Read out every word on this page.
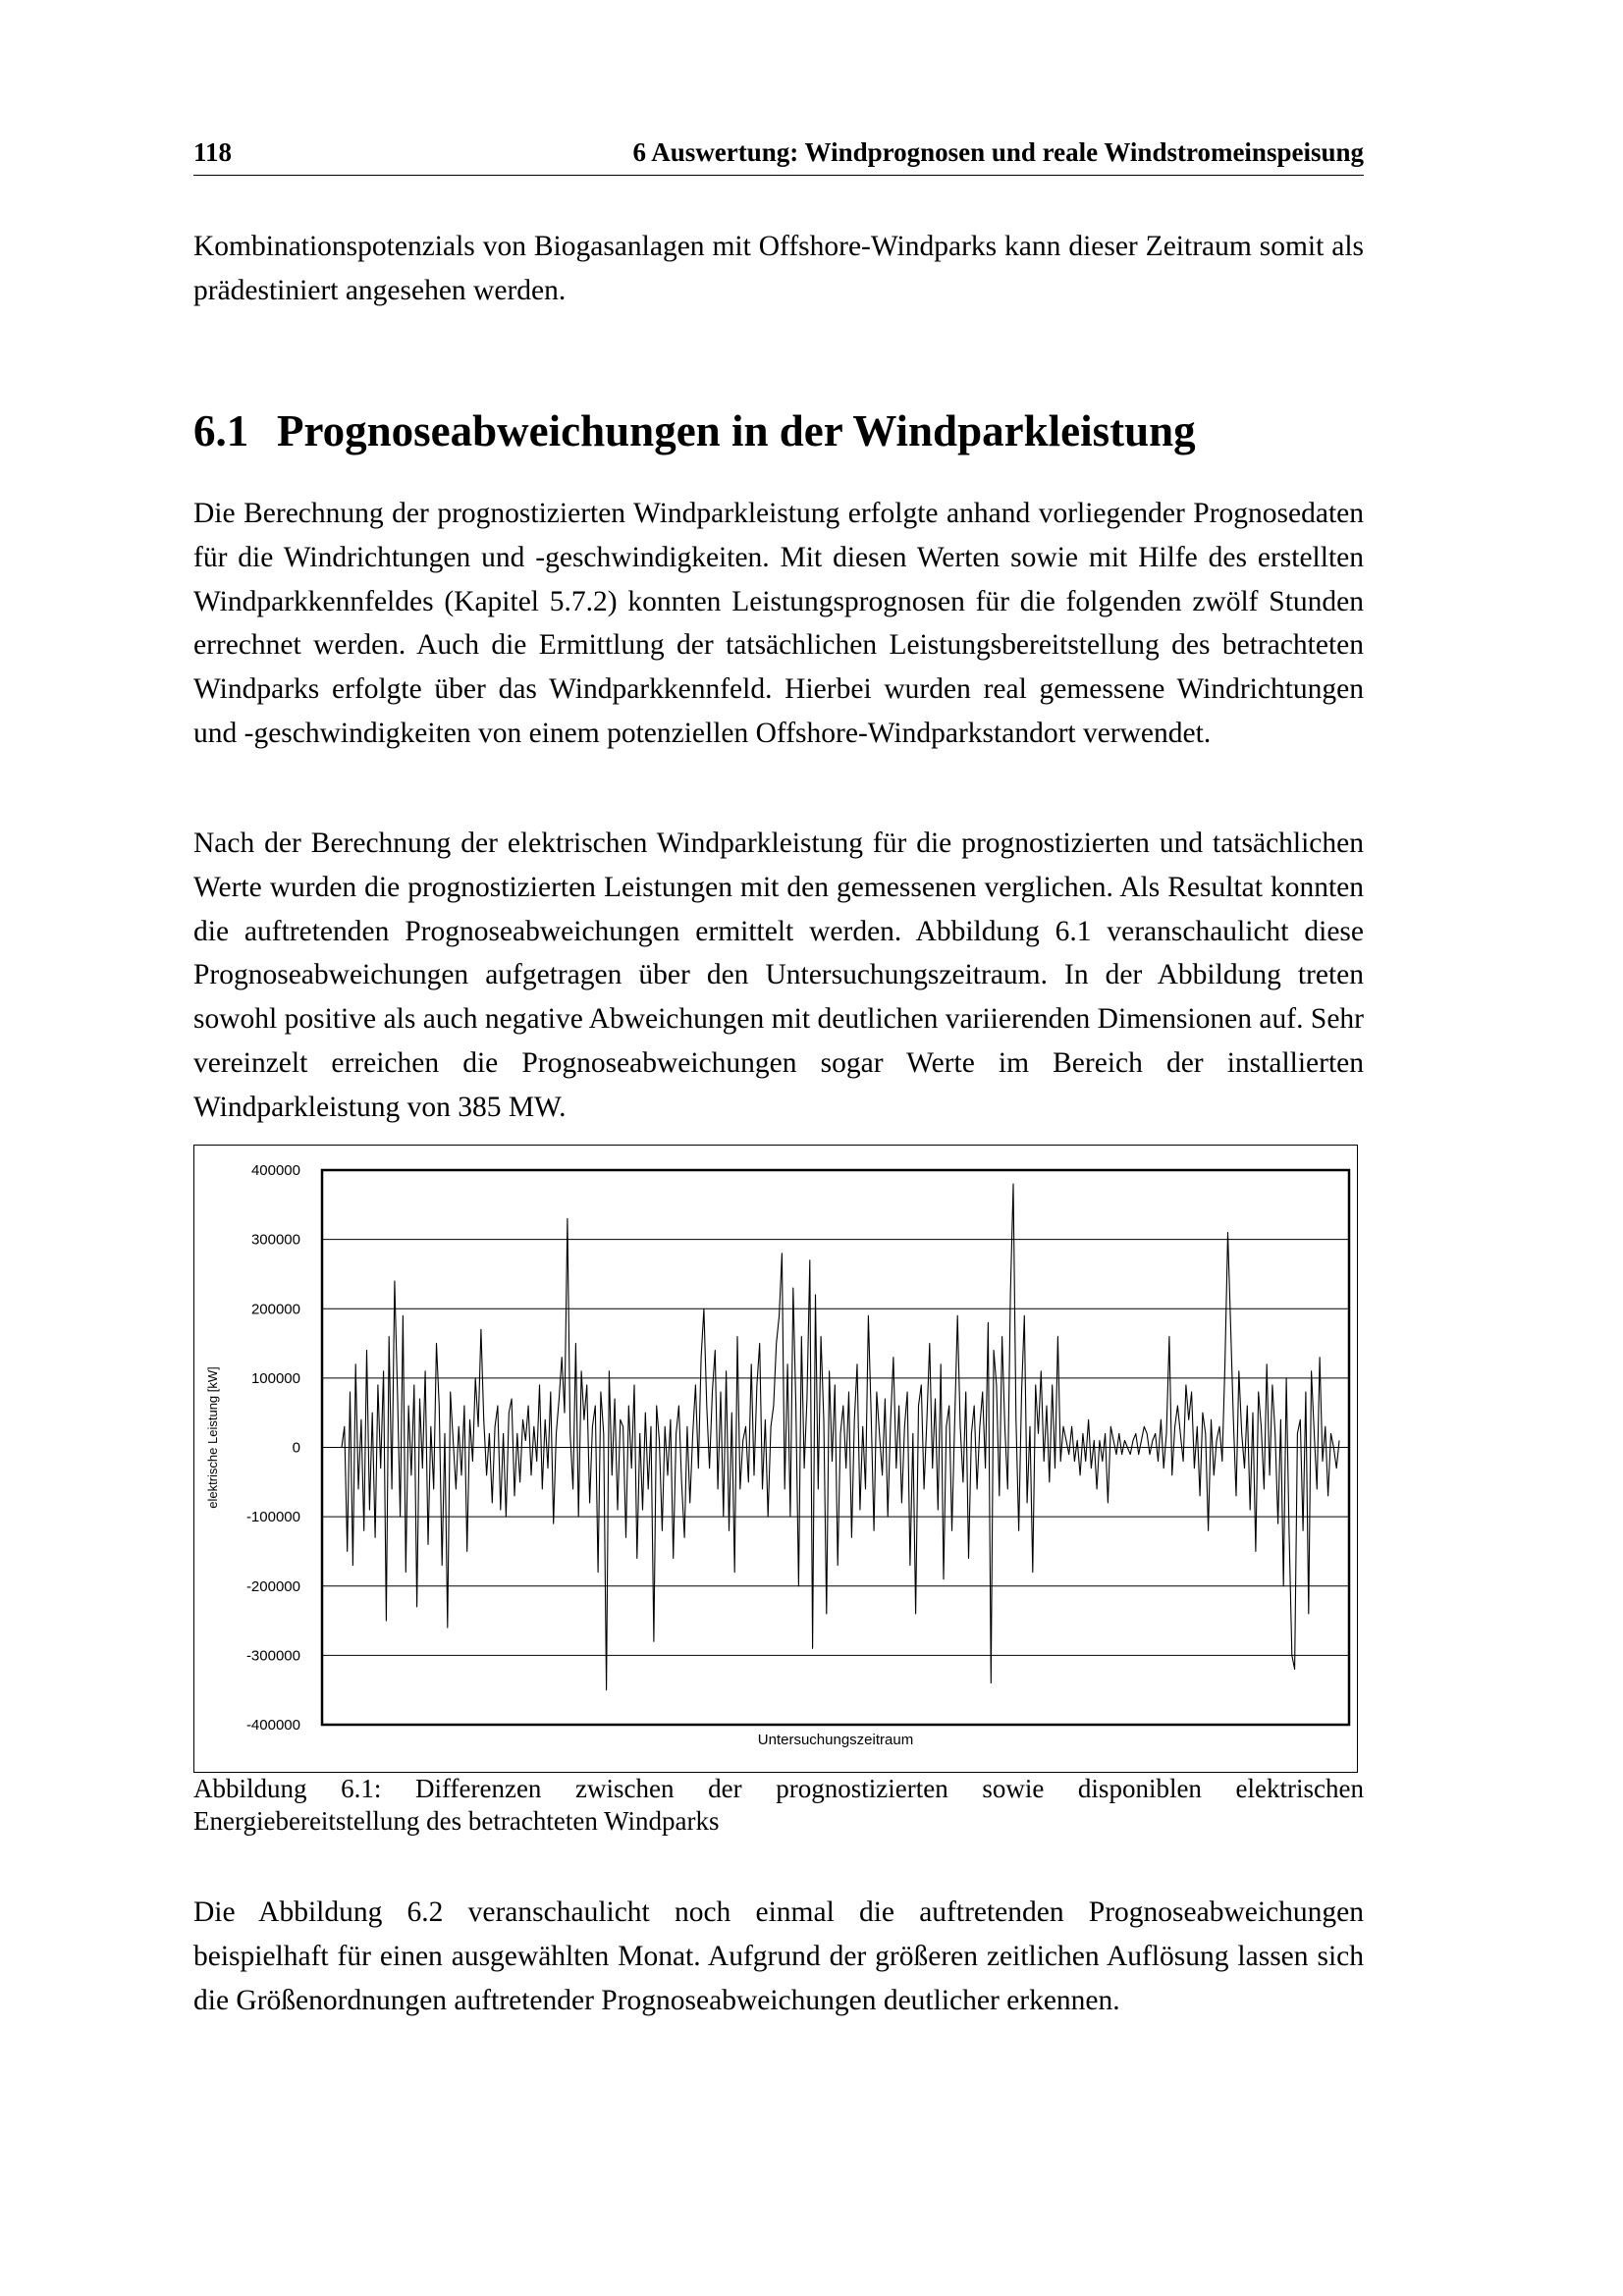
118	6 Auswertung: Windprognosen und reale Windstromeinspeisung

Kombinationspotenzials von Biogasanlagen mit Offshore-Windparks kann dieser Zeitraum somit als prädestiniert angesehen werden.

6.1 Prognoseabweichungen in der Windparkleistung

Die Berechnung der prognostizierten Windparkleistung erfolgte anhand vorliegender Prognosedaten für die Windrichtungen und -geschwindigkeiten. Mit diesen Werten sowie mit Hilfe des erstellten Windparkkennfeldes (Kapitel 5.7.2) konnten Leistungsprognosen für die folgenden zwölf Stunden errechnet werden. Auch die Ermittlung der tatsächlichen Leistungsbereitstellung des betrachteten Windparks erfolgte über das Windparkkennfeld. Hierbei wurden real gemessene Windrichtungen und -geschwindigkeiten von einem potenziellen Offshore-Windparkstandort verwendet.

Nach der Berechnung der elektrischen Windparkleistung für die prognostizierten und tatsächlichen Werte wurden die prognostizierten Leistungen mit den gemessenen verglichen. Als Resultat konnten die auftretenden Prognoseabweichungen ermittelt werden. Abbildung 6.1 veranschaulicht diese Prognoseabweichungen aufgetragen über den Untersuchungszeitraum. In der Abbildung treten sowohl positive als auch negative Abweichungen mit deutlichen variierenden Dimensionen auf. Sehr vereinzelt erreichen die Prognoseabweichungen sogar Werte im Bereich der installierten Windparkleistung von 385 MW.

400000
300000
200000
100000
0
-100000
-200000
-300000
-400000
Untersuchungszeitraum
elektrische Leistung [kW]

Abbildung 6.1: Differenzen zwischen der prognostizierten sowie disponiblen elektrischen Energiebereitstellung des betrachteten Windparks

Die Abbildung 6.2 veranschaulicht noch einmal die auftretenden Prognoseabweichungen beispielhaft für einen ausgewählten Monat. Aufgrund der größeren zeitlichen Auflösung lassen sich die Größenordnungen auftretender Prognoseabweichungen deutlicher erkennen.
